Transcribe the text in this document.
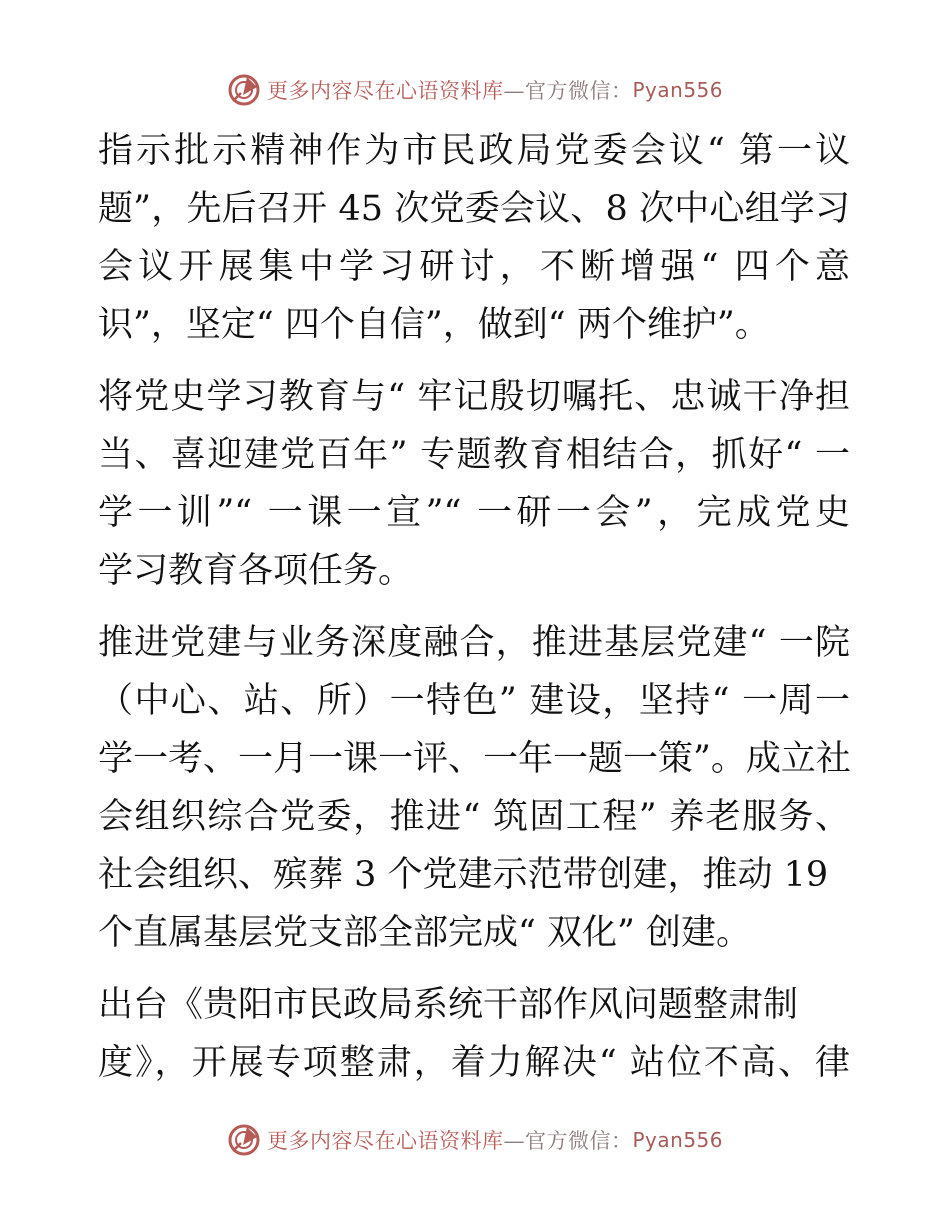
更多内容尽在心语资料库 —官方微信： Pyan556
指示批示精神作为市民政局党委会议“ 第一议
题”，先后召开 45 次党委会议、8 次中心组学习
会议开展集中学习研讨，不断增强“ 四个意
识”，坚定“ 四个自信”，做到“ 两个维护”。
将党史学习教育与“ 牢记殷切嘱托、忠诚干净担
当、喜迎建党百年” 专题教育相结合，抓好“ 一
学一训”“ 一课一宣”“ 一研一会”，完成党史
学习教育各项任务。
推进党建与业务深度融合，推进基层党建“ 一院
（中心、站、所）一特色” 建设，坚持“ 一周一
学一考、一月一课一评、一年一题一策”。成立社
会组织综合党委，推进“ 筑固工程” 养老服务、
社会组织、殡葬 3 个党建示范带创建，推动 19
个直属基层党支部全部完成“ 双化” 创建。
出台《贵阳市民政局系统干部作风问题整肃制
度》，开展专项整肃，着力解决“ 站位不高、律
更多内容尽在心语资料库 —官方微信： Pyan556
